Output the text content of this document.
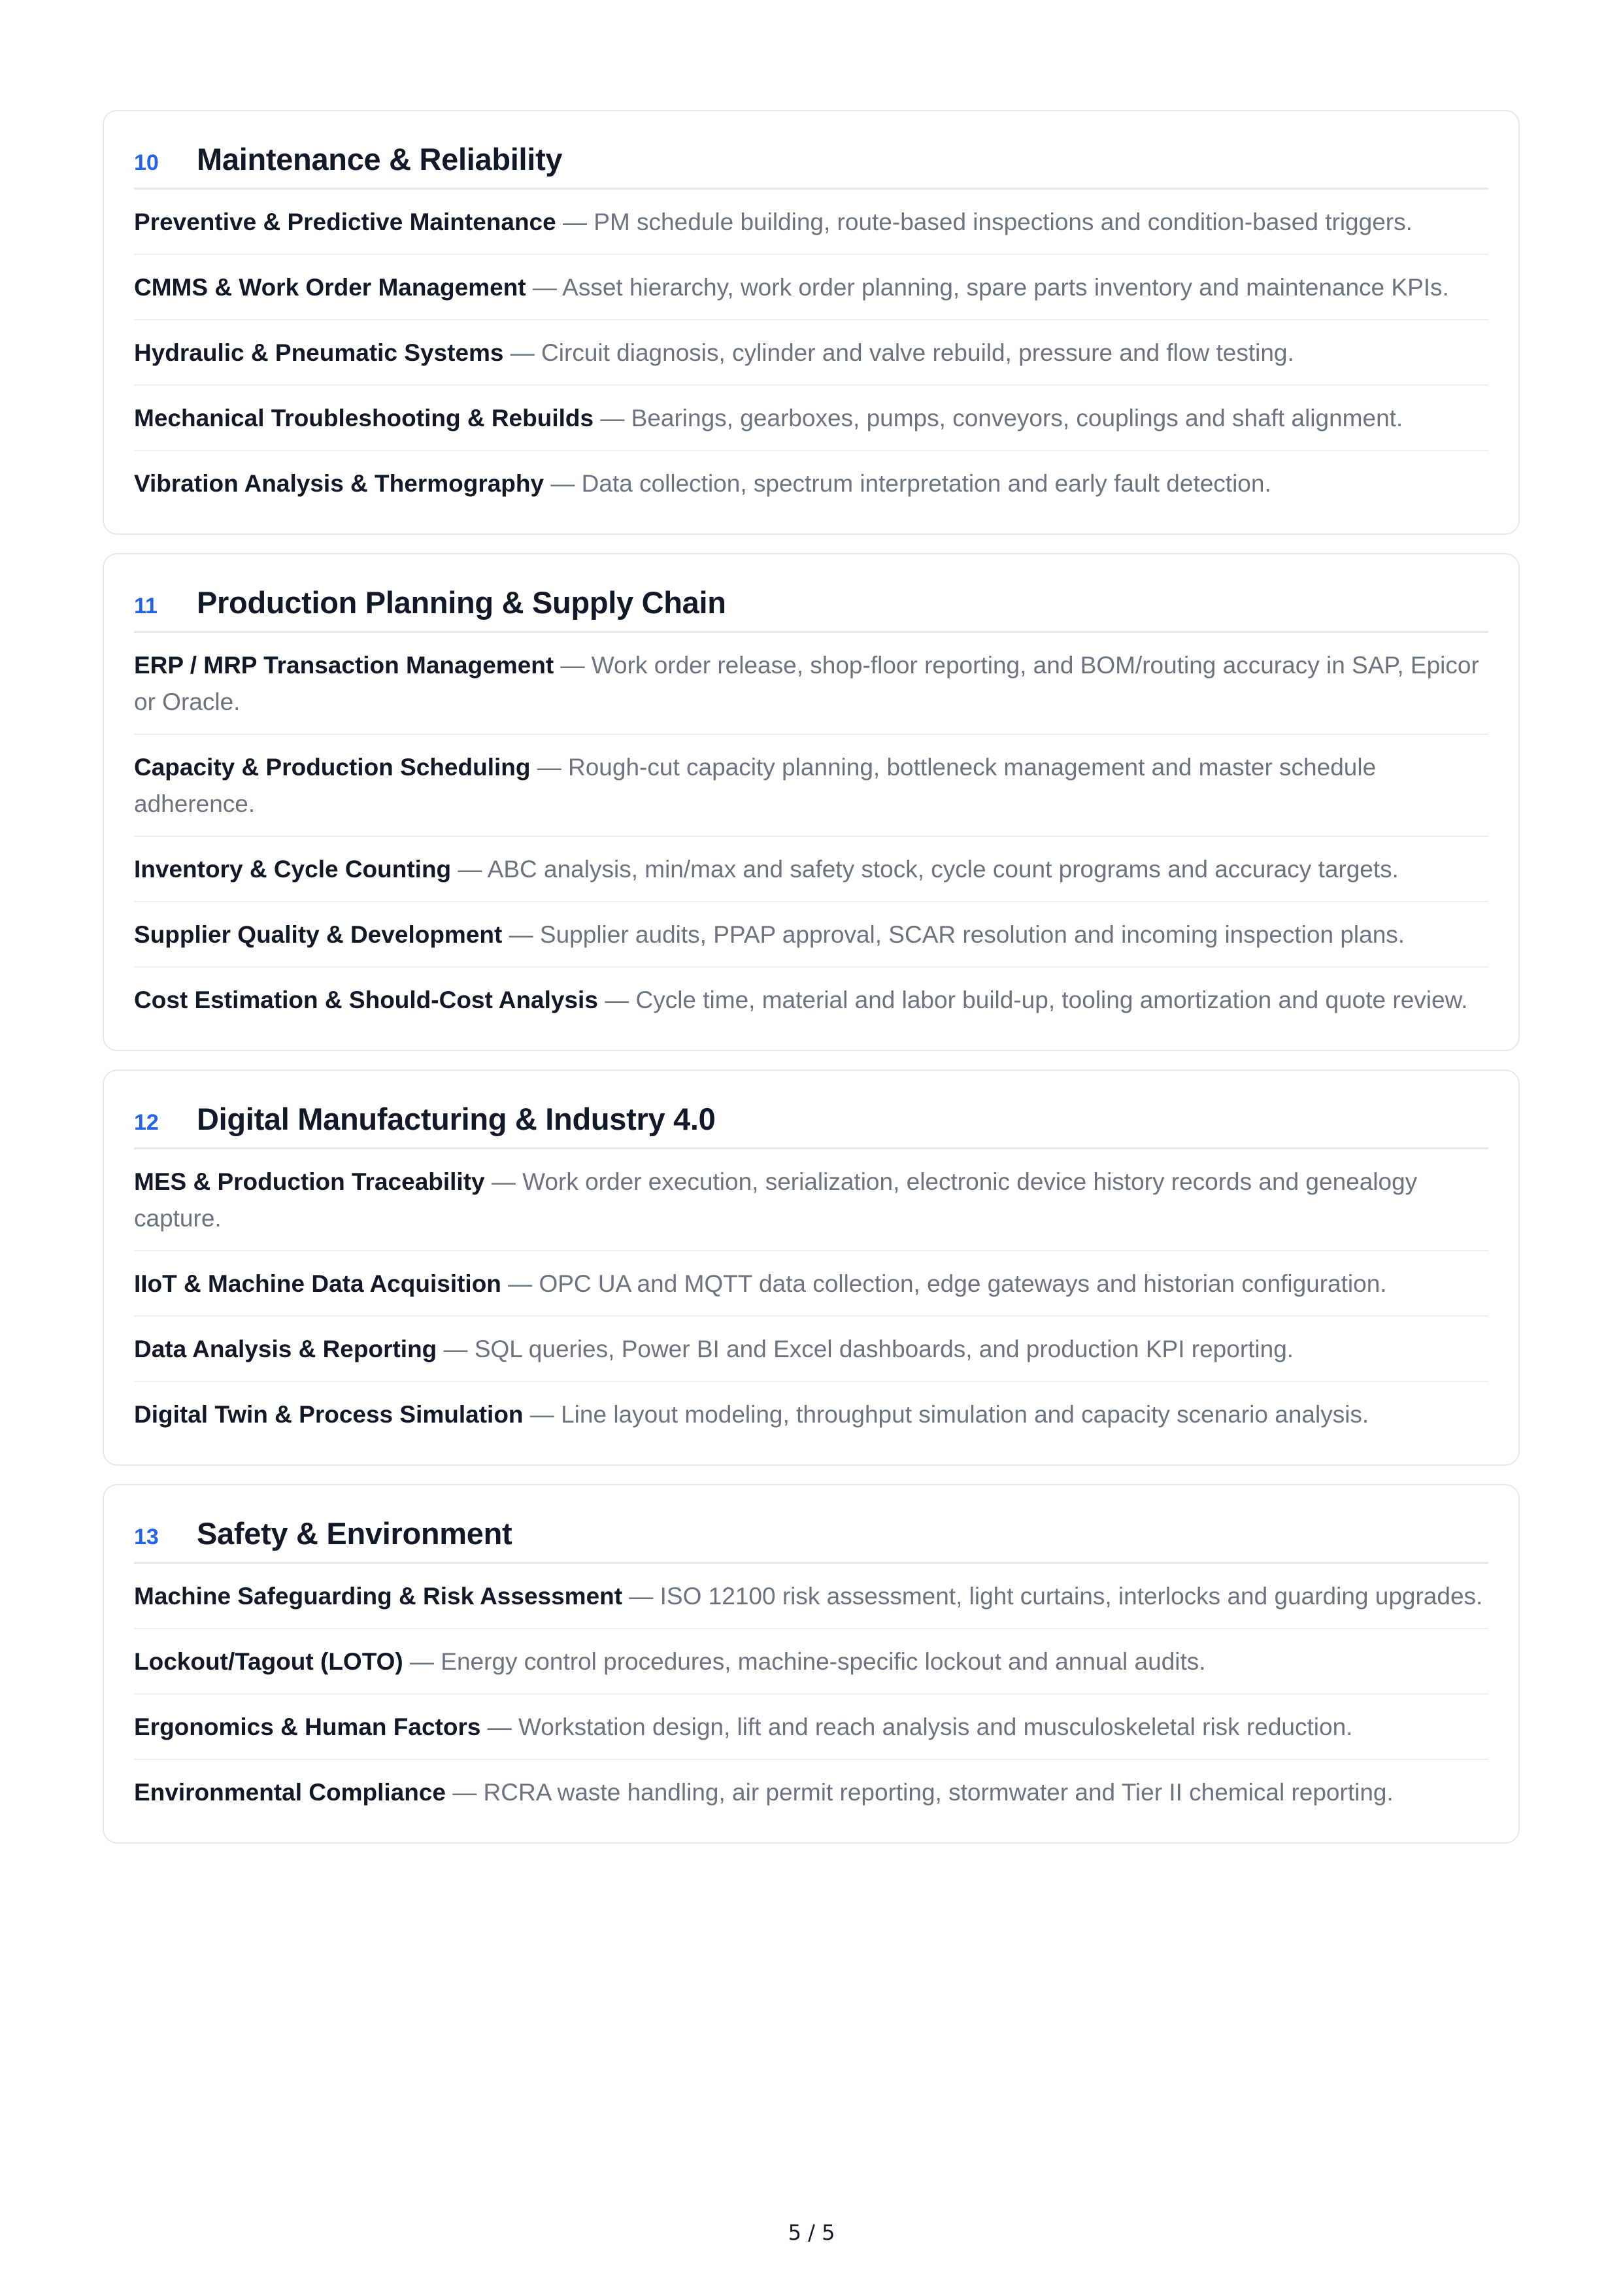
10	Maintenance & Reliability
Preventive & Predictive Maintenance — PM schedule building, route-based inspections and condition-based triggers.
CMMS & Work Order Management — Asset hierarchy, work order planning, spare parts inventory and maintenance KPIs.
Hydraulic & Pneumatic Systems — Circuit diagnosis, cylinder and valve rebuild, pressure and flow testing.
Mechanical Troubleshooting & Rebuilds — Bearings, gearboxes, pumps, conveyors, couplings and shaft alignment.
Vibration Analysis & Thermography — Data collection, spectrum interpretation and early fault detection.
11	Production Planning & Supply Chain
ERP / MRP Transaction Management — Work order release, shop-floor reporting, and BOM/routing accuracy in SAP, Epicor or Oracle.
Capacity & Production Scheduling — Rough-cut capacity planning, bottleneck management and master schedule adherence.
Inventory & Cycle Counting — ABC analysis, min/max and safety stock, cycle count programs and accuracy targets.
Supplier Quality & Development — Supplier audits, PPAP approval, SCAR resolution and incoming inspection plans.
Cost Estimation & Should-Cost Analysis — Cycle time, material and labor build-up, tooling amortization and quote review.
12	Digital Manufacturing & Industry 4.0
MES & Production Traceability — Work order execution, serialization, electronic device history records and genealogy capture.
IIoT & Machine Data Acquisition — OPC UA and MQTT data collection, edge gateways and historian configuration.
Data Analysis & Reporting — SQL queries, Power BI and Excel dashboards, and production KPI reporting.
Digital Twin & Process Simulation — Line layout modeling, throughput simulation and capacity scenario analysis.
13	Safety & Environment
Machine Safeguarding & Risk Assessment — ISO 12100 risk assessment, light curtains, interlocks and guarding upgrades.
Lockout/Tagout (LOTO) — Energy control procedures, machine-specific lockout and annual audits.
Ergonomics & Human Factors — Workstation design, lift and reach analysis and musculoskeletal risk reduction.
Environmental Compliance — RCRA waste handling, air permit reporting, stormwater and Tier II chemical reporting.
5 / 5
